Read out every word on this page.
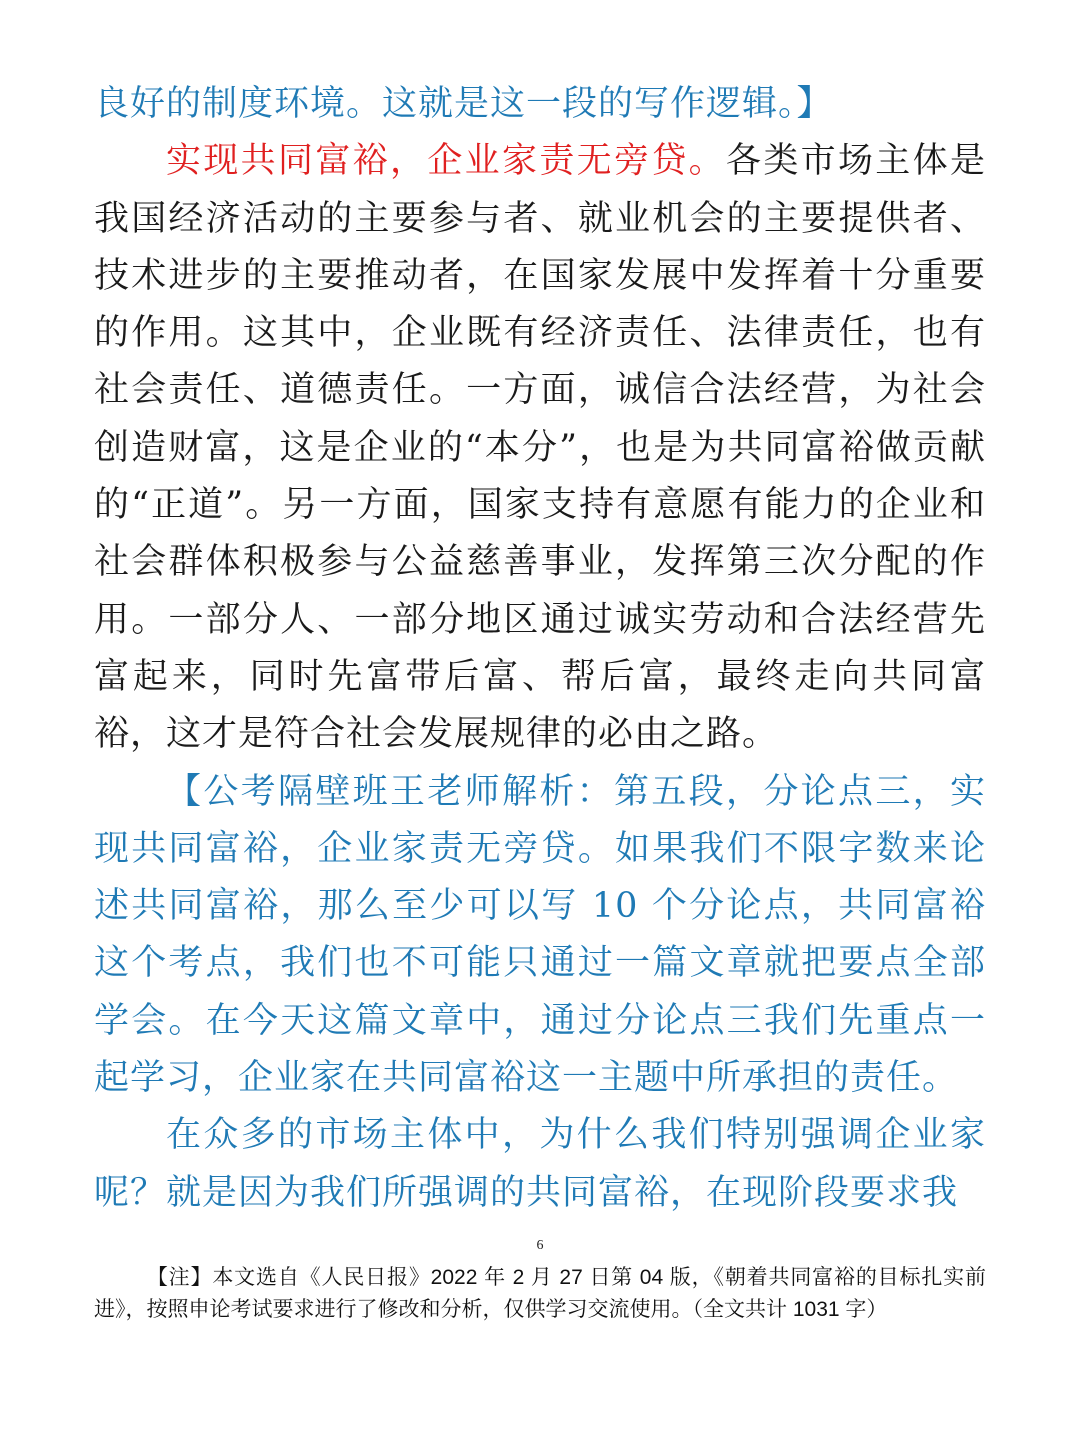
良好的制度环境。这就是这一段的写作逻辑。】

实现共同富裕，企业家责无旁贷。各类市场主体是我国经济活动的主要参与者、就业机会的主要提供者、技术进步的主要推动者，在国家发展中发挥着十分重要的作用。这其中，企业既有经济责任、法律责任，也有社会责任、道德责任。一方面，诚信合法经营，为社会创造财富，这是企业的“本分”，也是为共同富裕做贡献的“正道”。另一方面，国家支持有意愿有能力的企业和社会群体积极参与公益慈善事业，发挥第三次分配的作用。一部分人、一部分地区通过诚实劳动和合法经营先富起来，同时先富带后富、帮后富，最终走向共同富裕，这才是符合社会发展规律的必由之路。

【公考隔壁班王老师解析：第五段，分论点三，实现共同富裕，企业家责无旁贷。如果我们不限字数来论述共同富裕，那么至少可以写 10 个分论点，共同富裕这个考点，我们也不可能只通过一篇文章就把要点全部学会。在今天这篇文章中，通过分论点三我们先重点一起学习，企业家在共同富裕这一主题中所承担的责任。

在众多的市场主体中，为什么我们特别强调企业家呢？就是因为我们所强调的共同富裕，在现阶段要求我

6
【注】本文选自《人民日报》2022 年 2 月 27 日第 04 版，《朝着共同富裕的目标扎实前进》，按照申论考试要求进行了修改和分析，仅供学习交流使用。（全文共计 1031 字）
